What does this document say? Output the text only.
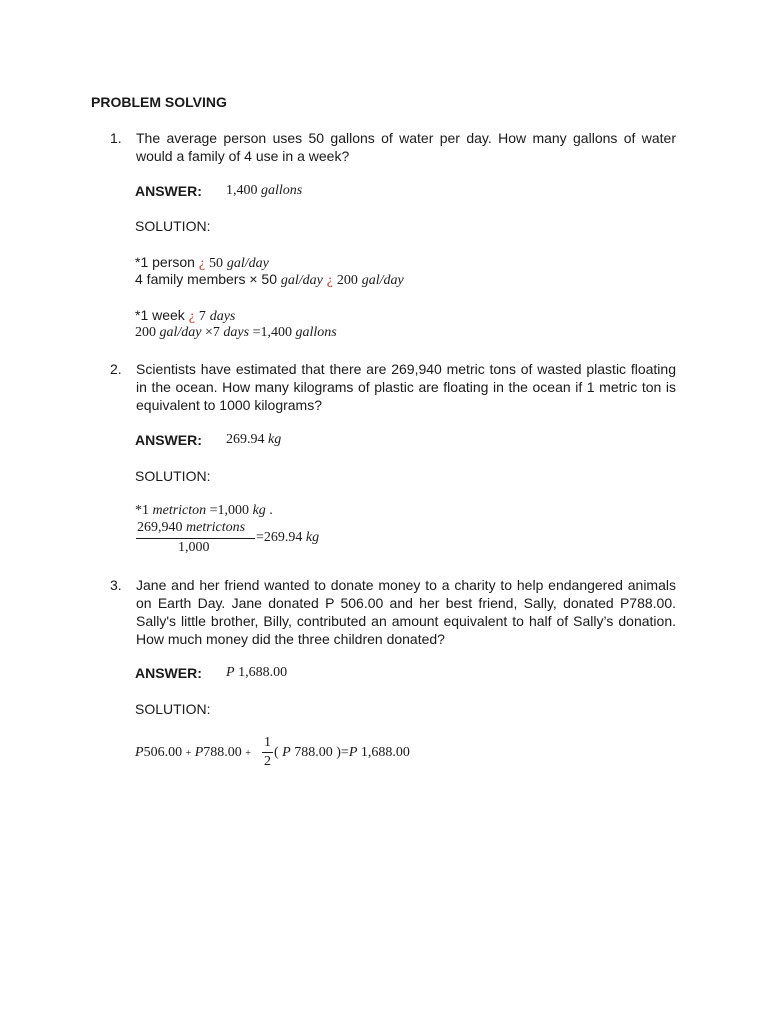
PROBLEM SOLVING
1.	The average person uses 50 gallons of water per day. How many gallons of water would a family of 4 use in a week?
ANSWER: 1,400 gallons
SOLUTION:
*1 person ¿ 50 gal/day
4 family members × 50 gal/day ¿ 200 gal/day
*1 week ¿ 7 days
200 gal/day ×7 days =1,400 gallons
2.	Scientists have estimated that there are 269,940 metric tons of wasted plastic floating in the ocean. How many kilograms of plastic are floating in the ocean if 1 metric ton is equivalent to 1000 kilograms?
ANSWER: 269.94 kg
SOLUTION:
*1 metricton =1,000 kg .
269,940 metrictons
1,000
=269.94 kg
3.	Jane and her friend wanted to donate money to a charity to help endangered animals on Earth Day. Jane donated P 506.00 and her best friend, Sally, donated P788.00. Sally's little brother, Billy, contributed an amount equivalent to half of Sally’s donation. How much money did the three children donated?
ANSWER: P 1,688.00
SOLUTION:
P506.00 + P788.00 +
1
2
( P 788.00 )=P 1,688.00
